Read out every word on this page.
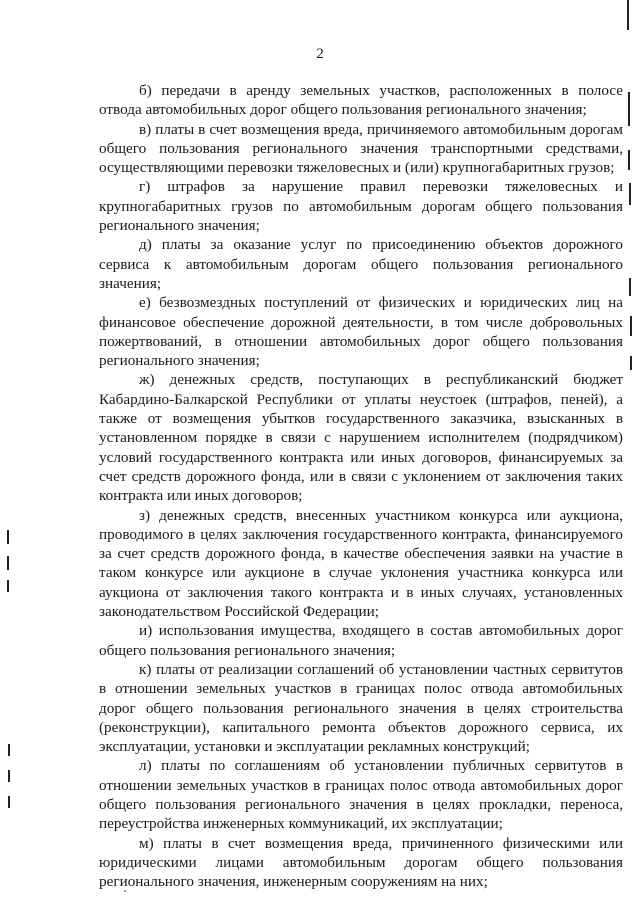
2

б) передачи в аренду земельных участков, расположенных в полосе отвода автомобильных дорог общего пользования регионального значения;

в) платы в счет возмещения вреда, причиняемого автомобильным дорогам общего пользования регионального значения транспортными средствами, осуществляющими перевозки тяжеловесных и (или) крупногабаритных грузов;

г) штрафов за нарушение правил перевозки тяжеловесных и крупногабаритных грузов по автомобильным дорогам общего пользования регионального значения;

д) платы за оказание услуг по присоединению объектов дорожного сервиса к автомобильным дорогам общего пользования регионального значения;

е) безвозмездных поступлений от физических и юридических лиц на финансовое обеспечение дорожной деятельности, в том числе добровольных пожертвований, в отношении автомобильных дорог общего пользования регионального значения;

ж) денежных средств, поступающих в республиканский бюджет Кабардино-Балкарской Республики от уплаты неустоек (штрафов, пеней), а также от возмещения убытков государственного заказчика, взысканных в установленном порядке в связи с нарушением исполнителем (подрядчиком) условий государственного контракта или иных договоров, финансируемых за счет средств дорожного фонда, или в связи с уклонением от заключения таких контракта или иных договоров;

з) денежных средств, внесенных участником конкурса или аукциона, проводимого в целях заключения государственного контракта, финансируемого за счет средств дорожного фонда, в качестве обеспечения заявки на участие в таком конкурсе или аукционе в случае уклонения участника конкурса или аукциона от заключения такого контракта и в иных случаях, установленных законодательством Российской Федерации;

и) использования имущества, входящего в состав автомобильных дорог общего пользования регионального значения;

к) платы от реализации соглашений об установлении частных сервитутов в отношении земельных участков в границах полос отвода автомобильных дорог общего пользования регионального значения в целях строительства (реконструкции), капитального ремонта объектов дорожного сервиса, их эксплуатации, установки и эксплуатации рекламных конструкций;

л) платы по соглашениям об установлении публичных сервитутов в отношении земельных участков в границах полос отвода автомобильных дорог общего пользования регионального значения в целях прокладки, переноса, переустройства инженерных коммуникаций, их эксплуатации;

м) платы в счет возмещения вреда, причиненного физическими или юридическими лицами автомобильным дорогам общего пользования регионального значения, инженерным сооружениям на них;
